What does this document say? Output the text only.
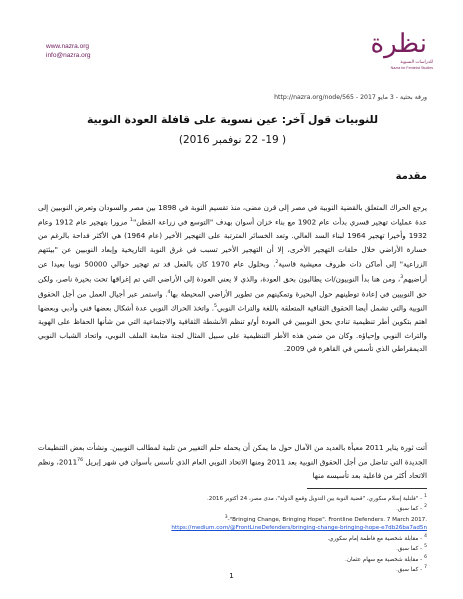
www.nazra.org
info@nazra.org	نظرة
للدراسات النسوية
Nazra for Feminist Studies
ورقة بحثية - 3 مايو 2017 - http://nazra.org/node/565
للنوبيات قول آخر: عين نسوية على قافلة العودة النوبية
( 19- 22 نوفمبر 2016)
مقدمة
يرجع الحراك المتعلق بالقضية النوبية في مصر إلى قرن مضى، منذ تقسيم النوبة في 1898 بين مصر والسودان وتعرض النوبيين إلى عدة عمليات تهجير قسري بدأت عام 1902 مع بناء خزان أسوان بهدف "التوسع في زراعة القطن"$^1$ مرورا بتهجير عام 1912 وعام 1932 وأخيرا تهجير 1964 لبناء السد العالي. وتعد الخسائر المترتبة على التهجير الأخير (عام 1964) هي الأكثر فداحة بالرغم من خسارة الأراضي خلال حلقات التهجير الأخرى، إلا أن التهجير الأخير تسبب في غرق النوبة التاريخية وإبعاد النوبيين عن "بيئتهم الزراعية" إلى أماكن ذات ظروف معيشية قاسية$^2$. وبحلول عام 1970 كان بالفعل قد تم تهجير حوالي 50000 نوبيا بعيدا عن أراضيهم$^3$، ومن هنا بدأ النوبيون/ات يطالبون بحق العودة، والذي لا يعني العودة إلى الأراضي التي تم إغراقها تحت بحيرة ناصر، ولكن حق النوبيين في إعادة توطينهم حول البحيرة وتمكينهم من تطوير الأراضي المحيطة بها$^4$. واستمر عبر أجيال العمل من أجل الحقوق النوبية والتي تشمل أيضا الحقوق الثقافية المتعلقة باللغة والتراث النوبي$^5$. واتخذ الحراك النوبي عدة أشكال بعضها فني وأدبي وبعضها اهتم بتكوين أطر تنظيمية تنادي بحق النوبيين في العودة أو/و تنظم الأنشطة الثقافية والاجتماعية التي من شأنها الحفاظ على الهوية والتراث النوبي وإحياؤه. وكان من ضمن هذه الأطر التنظيمية على سبيل المثال لجنة متابعة الملف النوبي، واتحاد الشباب النوبي الديمقراطي الذي تأسس في القاهرة في 2009.
أتت ثورة يناير 2011 معبأة بالعديد من الآمال حول ما يمكن أن يحمله حلم التغيير من تلبية لمطالب النوبيين. ونشأت بعض التنظيمات الجديدة التي تناضل من أجل الحقوق النوبية بعد 2011 ومنها الاتحاد النوبي العام الذي تأسس بأسوان في شهر إبريل 2011$^{76}$، ونظم الاتحاد أكثر من فاعلية بعد تأسيسه منها
$^1$- "فلنلبة إسلام سكوري، "قضية النوبة بين التدويل وقمع الدولة"، مدى مصر، 24 أكتوبر 2016.
$^2$- كما سبق.
$^3$-"Bringing Change, Bringing Hope". Frontline Defenders. 7 March 2017.
https://medium.com/@FrontLineDefenders/bringing-change-bringing-hope-e7db26ba7ad5n
$^4$- مقابلة شخصية مع فاطمة إمام سكوري.
$^5$- كما سبق.
$^6$- مقابلة شخصية مع سهام عثمان.
$^7$- كما سبق.
1
